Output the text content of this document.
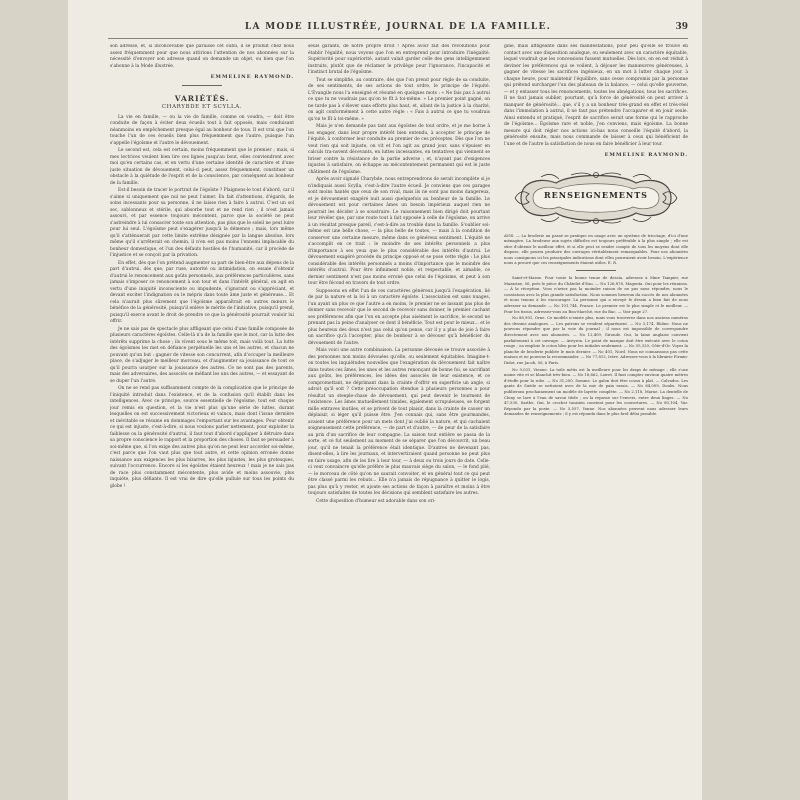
LA MODE ILLUSTRÉE, JOURNAL DE LA FAMILLE.	39

son adresse, et, si inconcevable que paraisse cet oubli, il se produit chez nous assez fréquemment pour que nous attirions l'attention de nos abonnées sur la nécessité d'envoyer son adresse quand on demande un objet, ou bien que l'on s'abonne à la Mode illustrée.

EMMELINE RAYMOND.
VARIÉTÉS.
CHARYBDE ET SCYLLA.

La vie en famille, — ou la vie de famille, comme on voudra, — doit être conduite de façon à éviter deux écueils tout à fait opposés, mais conduisant néanmoins en empêchement presque égal au bonheur de tous. Il est vrai que l'on touche l'un de ces écueils bien plus fréquemment que l'autre, puisque l'un s'appelle l'égoïsme et l'autre le dévouement.

Le second est, cela est certain, moins fréquemment que le premier ; mais, si mes lectrices veulent bien lire ces lignes jusqu'au bout, elles conviendront avec moi qu'en certains cas, et en vertu d'une certaine identité de caractère et d'une juste situation de dévouement, celui-ci peut, assez fréquemment, constituer un obstacle à la quiétude de l'esprit et de la conscience, par conséquent au bonheur de la famille.

Est-il besoin de tracer le portrait de l'égoïste ? Plaignons-le tout d'abord, car il s'aime si uniquement que nul ne peut l'aimer. En fait d'attentions, d'égards, de soins incessants pour sa personne, il ne laisse rien à faire à autrui. C'est un sol sec, sablonneux et stérile, qui absorbe tout et ne rend rien ; il n'est jamais assouvi, et par essence toujours mécontent, parce que la société ne peut s'astreindre à lui consacrer toute son attention, pas plus que le soleil ne peut luire pour lui seul. L'égoïsme peut s'exagérer jusqu'à la démence ; mais, lors même qu'il s'atténuerait par cette limite extrême désignée par la langue absolue, lors même qu'il s'arrêterait en chemin, il n'en est pas moins l'ennemi implacable du bonheur domestique, et l'un des défauts hostiles de l'humanité, car il procède de l'injustice et se conçoit par la privation.

En effet, dès que l'on prétend augmenter sa part de bien-être aux dépens de la part d'autrui, dès que, par ruse, autorité ou intimidation, on essaie d'obtenir d'autrui le renoncement aux goûts personnels, aux préférences particulières, sans jamais s'imposer ce renoncement à son tour et dans l'intérêt général, on agit en vertu d'une iniquité inconsciente ou impudente, s'ignorant ou s'appréciant, et devant exciter l'indignation ou le mépris dans toute âme juste et généreuse... Et cela n'aurait plus sûrement que l'égoïsme apparaîtrait en autres mœurs le bénéfice de la générosité, puisqu'il enlève le mérite de l'initiative, puisqu'il prend, puisqu'il exerce avant le droit de prendre ce que la générosité pourrait vouloir lui offrir.

Je ne sais pas de spectacle plus affligeant que celui d'une famille composée de plusieurs caractères égoïstes. Celle-là n'a de la famille que le mot, car la lutte des intérêts supprime la chose ; ils vivent sous le même toit, mais voilà tout. La lutte des égoïsmes les met en défiance perpétuelle les uns et les autres, et chacun ne pouvant qu'un but : gagner de vitesse son concurrent, afin d'occuper la meilleure place, de s'adjuger le meilleur morceau, et d'augmenter sa jouissance de tout ce qu'il pourra usurper sur la jouissance des autres. Ce ne sont pas des parents, mais des adversaires, des associés se méfiant les uns des autres, — et essayant de se duper l'un l'autre.

On ne se rend pas suffisamment compte de la complication que le principe de l'iniquité introduit dans l'existence, et de la confusion qu'il établit dans les intelligences. Avec ce principe, source essentielle de l'égoïsme, tout est chaque jour remis en question, et la vie n'est plus qu'une série de luttes, durant lesquelles on est successivement victorieux et vaincu, mais dont l'issue dernière et inévitable se résume en dommages l'emportant sur les avantages. Pour obtenir ce qui est injuste, c'est-à-dire, si nous voulons parler nettement, pour exploiter la faiblesse ou la générosité d'autrui, il faut tout d'abord s'appliquer à détruire dans sa propre conscience le rapport et la proportion des choses. Il faut se persuader à soi-même que, si l'on exige des autres plus qu'on ne peut leur accorder soi-même, c'est parce que l'on vaut plus que tout autre, et cette opinion erronée donne naissance aux exigences les plus bizarres, les plus injustes, les plus grotesques, suivant l'occurrence. Encore si les égoïstes étaient heureux ! mais je ne sais pas de race plus constamment mécontente, plus avide et moins assouvie, plus inquiète, plus défiante. Il est vrai de dire qu'elle pullule sur tous les points du globe !

seuls garants, de notre propre droit ! Après avoir fait des révolutions pour établir l'égalité, nous voyons que l'on en entreprend pour introduire l'inégalité. Supériorité pour supériorité, autant valait garder celle des gens intelligemment instruits, plutôt que de réclamer le privilège pour l'ignorance, l'incapacité et l'instinct brutal de l'égoïsme.

Tout se simplifie, au contraire, dès que l'on prend pour règle de sa conduite, de ses sentiments, de ses actions de tout ordre, le principe de l'équité. L'Évangile nous l'a enseigné et résumé en quelques mots : « Ne fais pas à autrui ce que tu ne voudrais pas qu'on te fît à toi-même. » Le premier point gagné, on ne tarde pas à s'élever sans efforts plus haut, et, allant de la justice à la charité, on agit conformément à cette autre règle : « Fais à autrui ce que tu voudrais qu'on te fît à toi-même. »

Mais je n'en demande pas tant aux égoïstes de tout ordre, et je me borne à les engager, dans leur propre intérêt bien entendu, à accepter le principe de l'équité, à conformer leur conduite au premier de ces préceptes. Dès que l'on ne veut rien qui soit injuste, on vit et l'on agit au grand jour, sans s'épuiser en calculs tra-nsvent décevants, en luttes incessantes, en tentatives qui viennent se briser contre la résistance de la partie adverse ; et, n'ayant pas d'exigences injustes à satisfaire, on échappe au mécontentement permanent qui est le juste châtiment de l'égoïsme.

Après avoir signalé Charybde, nous entreprendrons de serait incomplète si je n'indiquais aussi Scylla, c'est-à-dire l'autre écueil. Je conviens que ces parages sont moins hantés que ceux de son rival, mais ils ne sont pas moins dangereux, et je dévouement exagéré nuit aussi quelquefois au bonheur de la famille. Le dévouement est pour certaines âmes un besoin impérieux auquel rien ne pourrait les décider à se soustraire. Le raisonnement bien dirigé doit pourtant leur révéler que, par une route tout à fait opposée à celle de l'égoïsme, on arrive à un résultat presque pareil, c'est-à-dire au trouble dans la famille. S'oublier soi-même est une belle chose, — la plus belle de toutes, — mais à la condition de conserver une certaine mesure, même dans ce généreux sentiment. L'équité ne s'accomplit en ce trait : le moindre de ses intérêts personnels a plus d'importance à ses yeux que le plus considérable des intérêts d'autrui. Le dévouement exagéré procède du principe opposé et se pose cette règle : Le plus considérable des intérêts personnels a moins d'importance que le moindre des intérêts d'autrui. Pour être infiniment noble, et respectable, et aimable, ce dernier sentiment n'est pas moins erroné que celui de l'égoïsme, et peut à son tour être fécond en travers de tout ordre.

Supposons en effet l'un de ces caractères généreux jusqu'à l'exagération, lié de par la nature et la loi à un caractère égoïste. L'association est sans nuages, l'un ayant un plus ce que l'autre a en moins, le premier ne se lassant pas plus de donner sans recevoir que le second de recevoir sans donner, le premier cachant ses préférences afin que l'on en accepte plus aisément le sacrifice, le second ne prenant pas la peine d'analyser ce dont il bénéficie. Tout est pour le mieux... et le plus heureux des deux n'est pas celui qu'on pense, car il y a plus de joie à faire un sacrifice qu'à l'accepter, plus de bonheur à se dévouer qu'à bénéficier du dévouement de l'autre.

Mais voici une autre combinaison. La personne dévouée se trouve associée à des personnes non moins dévouées qu'elle, ou seulement équitables. Imagine-t-on toutes les inquiétudes nouvelles que l'exagération du dévouement fait naître dans toutes ces âmes, les unes et les autres renonçant de bonne foi, se sacrifiant aux goûts, les préférences, les idées des associés de leur existence, et ce compromettant, ne déprimant dans la crainte d'offrir en superficie un angle, si adroit qu'il soit ? Cette préoccupation étendue à plusieurs personnes a pour résultat un steeple-chase de dévouement, qui peut devenir le tourment de l'existence. Les âmes mutuellement timides, également scrupuleuses, se forgent mille entraves inutiles, et se privent de tout plaisir, dans la crainte de causer un déplaisir, si léger qu'il puisse être. J'en connais qui, sans être gourmandes, avaient une préférence pour un mets dont j'ai oublié la nature, et qui cachaient soigneusement cette préférence, — de part et d'autre, — de peur de la satisfaire au prix d'un sacrifice de leur compagne. La saison tout entière se passa de la sorte, et ce fut seulement au moment de se séparer que l'on découvrit, un beau jour, qu'il ne tenait la préférence était identique. D'autres ne devenant pas, disent-elles, à lire les journaux, et intervertiraient quand personne ne peut plus en faire usage, afin de les lire à leur tour, — à deux ou trois jours de date. Celle-ci veut convaincre qu'elle préfère le plus mauvais siège du salon, — le fond plié, — le morceau de côté qu'on ne saurait convoiter, et en général tout ce qui peut être classé parmi les rebuts... Elle n'a jamais de répugnance à quitter le logis, pas plus qu'à y rester, et ajoute ses actions de façon à paraître et moins à être toujours satisfaites de toutes les décisions qui semblent satisfaire les autres.

Cette disposition d'humeur est adorable dans son ori-

gine, mais affligeante dans ses manifestations, pour peu qu'elle se trouve en contact avec une disposition analogue, ou seulement avec un caractère équitable, lequel voudrait que les concessions fussent mutuelles. Dès lors, on en est réduit à deviner les préférences qui se voilent, à déjouer les manœuvres généreuses, à gagner de vitesse les sacrifices ingénieux, en un mot à lutter chaque jour, à chaque heure, pour maintenir l'équilibre, sans cesse compromis par la personne qui prétend surcharger l'un des plateaux de la balance, — celui qu'elle gouverne, — et y entasser tous les renoncements, toutes les abnégations, tous les sacrifices. Il ne faut jamais oublier, pourtant, qu'à force de générosité on peut arriver à manquer de générosité... que, s'il y a un bonheur très-grand en effet et très-réel dans l'immolation à autrui, il ne faut pas prétendre l'accaparer et en jouir seule. Ainsi entendu et pratiqué, l'esprit de sacrifice serait une forme qui le rapproche de l'égoïsme... Égoïsme rare et noble, j'en conviens, mais égoïsme. La bonne mesure qui doit régler nos actions ici-bas nous conseille l'équité d'abord, la générosité ensuite, mais nous commande de laisser à ceux qui bénéficient de l'une et de l'autre la satisfaction de nous en faire bénéficier à leur tour.

EMMELINE RAYMOND.
RENSEIGNEMENTS

AVIS. — La broderie au passé se pratique en usage avec un système de tricotage, d'ici d'une ménagère. La brodeuse aux sujets difficiles est toujours préférable à la plus simple ; elle est sûre d'obtenir le meilleur effet, et si elle peut se rendre compte de tous les moyens dont elle dispose, elle pourra produire des ouvrages véritablement remarquables. Pour nos abonnées nous consignons ici les principales indications dont elles pourraient avoir besoin. L'expérience nous a prouvé que ces renseignements étaient utiles. E. R.

Saint-et-Marne. Pour toute la bonne tenue de dessin, adressez à Mme Tampier, rue Mazarine, 56, près le pièce du Châtelet d'Eau. — No 126,878, Magenta. Oui pour les réunions. — À la réception. Vous n'aviez pas la moindre raison de ne pas nous répondre, nous le constatons avec la plus grande satisfaction. Nous sommes heureux du succès de nos abonnées et nous tenons à les encourager. La personne qui a envoyé le dessin a bien fait de nous adresser sa demande. — No 101,744, France. Le premier est le plus simple et le meilleur. — Pour les tissus, adressez-vous au Bon-Marché, rue du Bac. — Voir page 27.

No 88,901, Orne. Ce modèle n'existe plus, mais vous trouverez dans nos anciens numéros des dessins analogues. — Les patrons se vendent séparément. — No 3,174, Rhône. Nous ne pouvons répondre que par la voie du journal ; il nous est impossible de correspondre directement avec nos abonnées. — No 12,409, Gironde. Oui, la laine anglaise convient parfaitement à cet ouvrage. — Aveyron. Le point de marque doit être exécuté avec le coton rouge ; on emploie le coton bleu pour les initiales seulement. — No 55,320, Côte-d'Or. Voyez la planche de broderie publiée le mois dernier. — No 401, Nord. Nous ne connaissons pas cette maison et ne pouvons la recommander. — No 77,812, Isère. Adressez-vous à la librairie Firmin-Didot, rue Jacob, 56, à Paris.

No 9,031, Vienne. La toile métis est la meilleure pour les draps de ménage ; elle s'use moins vite et se blanchit très-bien. — No 18,662, Loiret. Il faut compter environ quatre mètres d'étoffe pour la robe. — No 31,200, Somme. Le galon doit être cousu à plat. — Calvados. Les gants de Suède se nettoient avec de la mie de pain rassis. — No 64,009, Doubs. Nous publierons prochainement un modèle de layette complète. — No 2,118, Marne. La dentelle de Cluny se lave à l'eau de savon tiède ; on la repasse sur l'envers, entre deux linges. — No 47,530, Sarthe. Oui, le crochet tunisien convient pour les couvertures. — No 80,104, Var. Répondu par la poste. — No 5,557, Yonne. Nos abonnées peuvent nous adresser leurs demandes de renseignements ; il y est répondu dans le plus bref délai possible.
